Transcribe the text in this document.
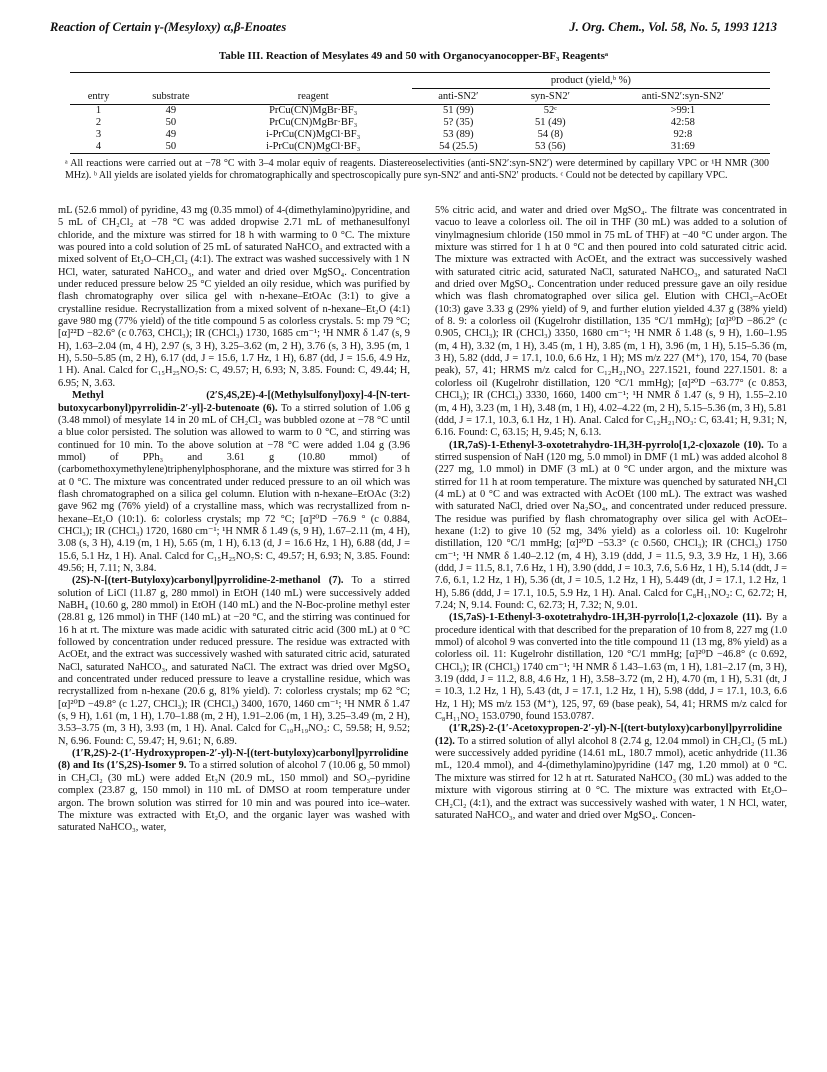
Reaction of Certain γ-(Mesyloxy) α,β-Enoates	J. Org. Chem., Vol. 58, No. 5, 1993 1213
Table III. Reaction of Mesylates 49 and 50 with Organocyanocopper-BF₃ Reagentsᵃ
			product (yield,ᵇ %)		
entry	substrate	reagent	anti-SN2′	syn-SN2′	anti-SN2′:syn-SN2′
1	49	PrCu(CN)MgBr·BF₃	51 (99)	52ᶜ	>99:1
2	50	PrCu(CN)MgBr·BF₃	5? (35)	51 (49)	42:58
3	49	i-PrCu(CN)MgCl·BF₃	53 (89)	54 (8)	92:8
4	50	i-PrCu(CN)MgCl·BF₃	54 (25.5)	53 (56)	31:69
ᵃ All reactions were carried out at −78 °C with 3–4 molar equiv of reagents. Diastereoselectivities (anti-SN2′:syn-SN2′) were determined by capillary VPC or ¹H NMR (300 MHz). ᵇ All yields are isolated yields for chromatographically and spectroscopically pure syn-SN2′ and anti-SN2′ products. ᶜ Could not be detected by capillary VPC.

mL (52.6 mmol) of pyridine, 43 mg (0.35 mmol) of 4-(dimethylamino)pyridine, and 5 mL of CH₂Cl₂ at −78 °C was added dropwise 2.71 mL of methanesulfonyl chloride, and the mixture was stirred for 18 h with warming to 0 °C. The mixture was poured into a cold solution of 25 mL of saturated NaHCO₃ and extracted with a mixed solvent of Et₂O–CH₂Cl₂ (4:1). The extract was washed successively with 1 N HCl, water, saturated NaHCO₃, and water and dried over MgSO₄. Concentration under reduced pressure below 25 °C yielded an oily residue, which was purified by flash chromatography over silica gel with n-hexane–EtOAc (3:1) to give a crystalline residue. Recrystallization from a mixed solvent of n-hexane–Et₂O (4:1) gave 980 mg (77% yield) of the title compound 5 as colorless crystals. 5: mp 79 °C; [α]²²D −82.6° (c 0.763, CHCl₃); IR (CHCl₃) 1730, 1685 cm⁻¹; ¹H NMR δ 1.47 (s, 9 H), 1.63–2.04 (m, 4 H), 2.97 (s, 3 H), 3.25–3.62 (m, 2 H), 3.76 (s, 3 H), 3.95 (m, 1 H), 5.50–5.85 (m, 2 H), 6.17 (dd, J = 15.6, 1.7 Hz, 1 H), 6.87 (dd, J = 15.6, 4.9 Hz, 1 H). Anal. Calcd for C₁₅H₂₅NO₇S: C, 49.57; H, 6.93; N, 3.85. Found: C, 49.44; H, 6.95; N, 3.63.

Methyl (2′S,4S,2E)-4-[(Methylsulfonyl)oxy]-4-[N-tert-butoxycarbonyl)pyrrolidin-2′-yl]-2-butenoate (6). To a stirred solution of 1.06 g (3.48 mmol) of mesylate 14 in 20 mL of CH₂Cl₂ was bubbled ozone at −78 °C until a blue color persisted. The solution was allowed to warm to 0 °C, and stirring was continued for 10 min. To the above solution at −78 °C were added 1.04 g (3.96 mmol) of PPh₃ and 3.61 g (10.80 mmol) of (carbomethoxymethylene)triphenylphosphorane, and the mixture was stirred for 3 h at 0 °C. The mixture was concentrated under reduced pressure to an oil which was flash chromatographed on a silica gel column. Elution with n-hexane–EtOAc (3:2) gave 962 mg (76% yield) of a crystalline mass, which was recrystallized from n-hexane–Et₂O (10:1). 6: colorless crystals; mp 72 °C; [α]²⁰D −76.9 ° (c 0.884, CHCl₃); IR (CHCl₃) 1720, 1680 cm⁻¹; ¹H NMR δ 1.49 (s, 9 H), 1.67–2.11 (m, 4 H), 3.08 (s, 3 H), 4.19 (m, 1 H), 5.65 (m, 1 H), 6.13 (d, J = 16.6 Hz, 1 H), 6.88 (dd, J = 15.6, 5.1 Hz, 1 H). Anal. Calcd for C₁₅H₂₅NO₇S: C, 49.57; H, 6.93; N, 3.85. Found: 49.56; H, 7.11; N, 3.84.

(2S)-N-[(tert-Butyloxy)carbonyl]pyrrolidine-2-methanol (7). To a stirred solution of LiCl (11.87 g, 280 mmol) in EtOH (140 mL) were successively added NaBH₄ (10.60 g, 280 mmol) in EtOH (140 mL) and the N-Boc-proline methyl ester (28.81 g, 126 mmol) in THF (140 mL) at −20 °C, and the stirring was continued for 16 h at rt. The mixture was made acidic with saturated citric acid (300 mL) at 0 °C followed by concentration under reduced pressure. The residue was extracted with AcOEt, and the extract was successively washed with saturated citric acid, saturated NaCl, saturated NaHCO₃, and saturated NaCl. The extract was dried over MgSO₄ and concentrated under reduced pressure to leave a crystalline residue, which was recrystallized from n-hexane (20.6 g, 81% yield). 7: colorless crystals; mp 62 °C; [α]²⁰D −49.8° (c 1.27, CHCl₃); IR (CHCl₃) 3400, 1670, 1460 cm⁻¹; ¹H NMR δ 1.47 (s, 9 H), 1.61 (m, 1 H), 1.70–1.88 (m, 2 H), 1.91–2.06 (m, 1 H), 3.25–3.49 (m, 2 H), 3.53–3.75 (m, 3 H), 3.93 (m, 1 H). Anal. Calcd for C₁₀H₁₉NO₃: C, 59.58; H, 9.52; N, 6.96. Found: C, 59.47; H, 9.61; N, 6.89.

(1′R,2S)-2-(1′-Hydroxypropen-2′-yl)-N-[(tert-butyloxy)carbonyl]pyrrolidine (8) and Its (1′S,2S)-Isomer 9. To a stirred solution of alcohol 7 (10.06 g, 50 mmol) in CH₂Cl₂ (30 mL) were added Et₃N (20.9 mL, 150 mmol) and SO₃–pyridine complex (23.87 g, 150 mmol) in 110 mL of DMSO at room temperature under argon. The brown solution was stirred for 10 min and was poured into ice–water. The mixture was extracted with Et₂O, and the organic layer was washed with saturated NaHCO₃, water,

5% citric acid, and water and dried over MgSO₄. The filtrate was concentrated in vacuo to leave a colorless oil. The oil in THF (30 mL) was added to a solution of vinylmagnesium chloride (150 mmol in 75 mL of THF) at −40 °C under argon. The mixture was stirred for 1 h at 0 °C and then poured into cold saturated citric acid. The mixture was extracted with AcOEt, and the extract was successively washed with saturated citric acid, saturated NaCl, saturated NaHCO₃, and saturated NaCl and dried over MgSO₄. Concentration under reduced pressure gave an oily residue which was flash chromatographed over silica gel. Elution with CHCl₃–AcOEt (10:3) gave 3.33 g (29% yield) of 9, and further elution yielded 4.37 g (38% yield) of 8. 9: a colorless oil (Kugelrohr distillation, 135 °C/1 mmHg); [α]²⁰D −86.2° (c 0.905, CHCl₃); IR (CHCl₃) 3350, 1680 cm⁻¹; ¹H NMR δ 1.48 (s, 9 H), 1.60–1.95 (m, 4 H), 3.32 (m, 1 H), 3.45 (m, 1 H), 3.85 (m, 1 H), 3.96 (m, 1 H), 5.15–5.36 (m, 3 H), 5.82 (ddd, J = 17.1, 10.0, 6.6 Hz, 1 H); MS m/z 227 (M⁺), 170, 154, 70 (base peak), 57, 41; HRMS m/z calcd for C₁₂H₂₁NO₃ 227.1521, found 227.1501. 8: a colorless oil (Kugelrohr distillation, 120 °C/1 mmHg); [α]²⁰D −63.77° (c 0.853, CHCl₃); IR (CHCl₃) 3330, 1660, 1400 cm⁻¹; ¹H NMR δ 1.47 (s, 9 H), 1.55–2.10 (m, 4 H), 3.23 (m, 1 H), 3.48 (m, 1 H), 4.02–4.22 (m, 2 H), 5.15–5.36 (m, 3 H), 5.81 (ddd, J = 17.1, 10.3, 6.1 Hz, 1 H). Anal. Calcd for C₁₂H₂₁NO₃: C, 63.41; H, 9.31; N, 6.16. Found: C, 63.15; H, 9.45; N, 6.13.

(1R,7aS)-1-Ethenyl-3-oxotetrahydro-1H,3H-pyrrolo[1,2-c]oxazole (10). To a stirred suspension of NaH (120 mg, 5.0 mmol) in DMF (1 mL) was added alcohol 8 (227 mg, 1.0 mmol) in DMF (3 mL) at 0 °C under argon, and the mixture was stirred for 11 h at room temperature. The mixture was quenched by saturated NH₄Cl (4 mL) at 0 °C and was extracted with AcOEt (100 mL). The extract was washed with saturated NaCl, dried over Na₂SO₄, and concentrated under reduced pressure. The residue was purified by flash chromatography over silica gel with AcOEt–hexane (1:2) to give 10 (52 mg, 34% yield) as a colorless oil. 10: Kugelrohr distillation, 120 °C/1 mmHg; [α]²⁰D −53.3° (c 0.560, CHCl₃); IR (CHCl₃) 1750 cm⁻¹; ¹H NMR δ 1.40–2.12 (m, 4 H), 3.19 (ddd, J = 11.5, 9.3, 3.9 Hz, 1 H), 3.66 (ddd, J = 11.5, 8.1, 7.6 Hz, 1 H), 3.90 (ddd, J = 10.3, 7.6, 5.6 Hz, 1 H), 5.14 (ddt, J = 7.6, 6.1, 1.2 Hz, 1 H), 5.36 (dt, J = 10.5, 1.2 Hz, 1 H), 5.449 (dt, J = 17.1, 1.2 Hz, 1 H), 5.86 (ddd, J = 17.1, 10.5, 5.9 Hz, 1 H). Anal. Calcd for C₈H₁₁NO₂: C, 62.72; H, 7.24; N, 9.14. Found: C, 62.73; H, 7.32; N, 9.01.

(1S,7aS)-1-Ethenyl-3-oxotetrahydro-1H,3H-pyrrolo[1,2-c]oxazole (11). By a procedure identical with that described for the preparation of 10 from 8, 227 mg (1.0 mmol) of alcohol 9 was converted into the title compound 11 (13 mg, 8% yield) as a colorless oil. 11: Kugelrohr distillation, 120 °C/1 mmHg; [α]²⁰D −46.8° (c 0.692, CHCl₃); IR (CHCl₃) 1740 cm⁻¹; ¹H NMR δ 1.43–1.63 (m, 1 H), 1.81–2.17 (m, 3 H), 3.19 (ddd, J = 11.2, 8.8, 4.6 Hz, 1 H), 3.58–3.72 (m, 2 H), 4.70 (m, 1 H), 5.31 (dt, J = 10.3, 1.2 Hz, 1 H), 5.43 (dt, J = 17.1, 1.2 Hz, 1 H), 5.98 (ddd, J = 17.1, 10.3, 6.6 Hz, 1 H); MS m/z 153 (M⁺), 125, 97, 69 (base peak), 54, 41; HRMS m/z calcd for C₈H₁₁NO₂ 153.0790, found 153.0787.

(1′R,2S)-2-(1′-Acetoxypropen-2′-yl)-N-[(tert-butyloxy)carbonyl]pyrrolidine (12). To a stirred solution of allyl alcohol 8 (2.74 g, 12.04 mmol) in CH₂Cl₂ (5 mL) were successively added pyridine (14.61 mL, 180.7 mmol), acetic anhydride (11.36 mL, 120.4 mmol), and 4-(dimethylamino)pyridine (147 mg, 1.20 mmol) at 0 °C. The mixture was stirred for 12 h at rt. Saturated NaHCO₃ (30 mL) was added to the mixture with vigorous stirring at 0 °C. The mixture was extracted with Et₂O–CH₂Cl₂ (4:1), and the extract was successively washed with water, 1 N HCl, water, saturated NaHCO₃, and water and dried over MgSO₄. Concen-
